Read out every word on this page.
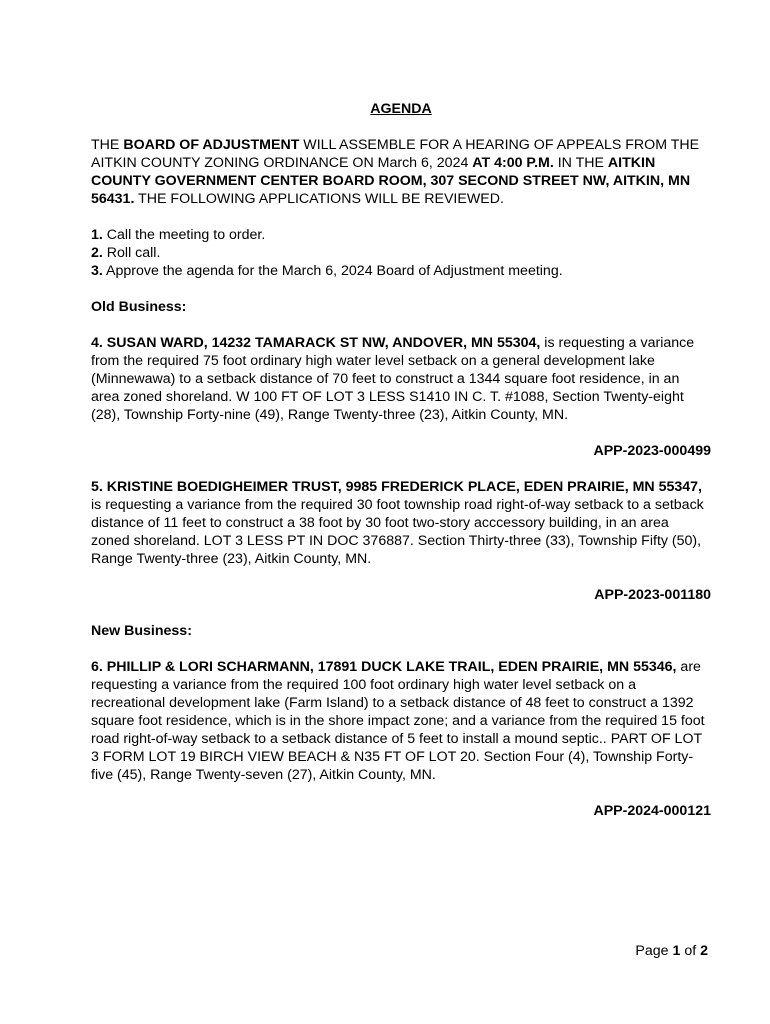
AGENDA

THE BOARD OF ADJUSTMENT WILL ASSEMBLE FOR A HEARING OF APPEALS FROM THE AITKIN COUNTY ZONING ORDINANCE ON March 6, 2024 AT 4:00 P.M. IN THE AITKIN COUNTY GOVERNMENT CENTER BOARD ROOM, 307 SECOND STREET NW, AITKIN, MN 56431. THE FOLLOWING APPLICATIONS WILL BE REVIEWED.

1. Call the meeting to order.
2. Roll call.
3. Approve the agenda for the March 6, 2024 Board of Adjustment meeting.
Old Business:

4. SUSAN WARD, 14232 TAMARACK ST NW, ANDOVER, MN 55304, is requesting a variance from the required 75 foot ordinary high water level setback on a general development lake (Minnewawa) to a setback distance of 70 feet to construct a 1344 square foot residence, in an area zoned shoreland. W 100 FT OF LOT 3 LESS S1410 IN C. T. #1088, Section Twenty-eight (28), Township Forty-nine (49), Range Twenty-three (23), Aitkin County, MN.

APP-2023-000499

5. KRISTINE BOEDIGHEIMER TRUST, 9985 FREDERICK PLACE, EDEN PRAIRIE, MN 55347, is requesting a variance from the required 30 foot township road right-of-way setback to a setback distance of 11 feet to construct a 38 foot by 30 foot two-story acccessory building, in an area zoned shoreland. LOT 3 LESS PT IN DOC 376887. Section Thirty-three (33), Township Fifty (50), Range Twenty-three (23), Aitkin County, MN.

APP-2023-001180
New Business:

6. PHILLIP & LORI SCHARMANN, 17891 DUCK LAKE TRAIL, EDEN PRAIRIE, MN 55346, are requesting a variance from the required 100 foot ordinary high water level setback on a recreational development lake (Farm Island) to a setback distance of 48 feet to construct a 1392 square foot residence, which is in the shore impact zone; and a variance from the required 15 foot road right-of-way setback to a setback distance of 5 feet to install a mound septic.. PART OF LOT 3 FORM LOT 19 BIRCH VIEW BEACH & N35 FT OF LOT 20. Section Four (4), Township Forty-five (45), Range Twenty-seven (27), Aitkin County, MN.

APP-2024-000121
Page 1 of 2
